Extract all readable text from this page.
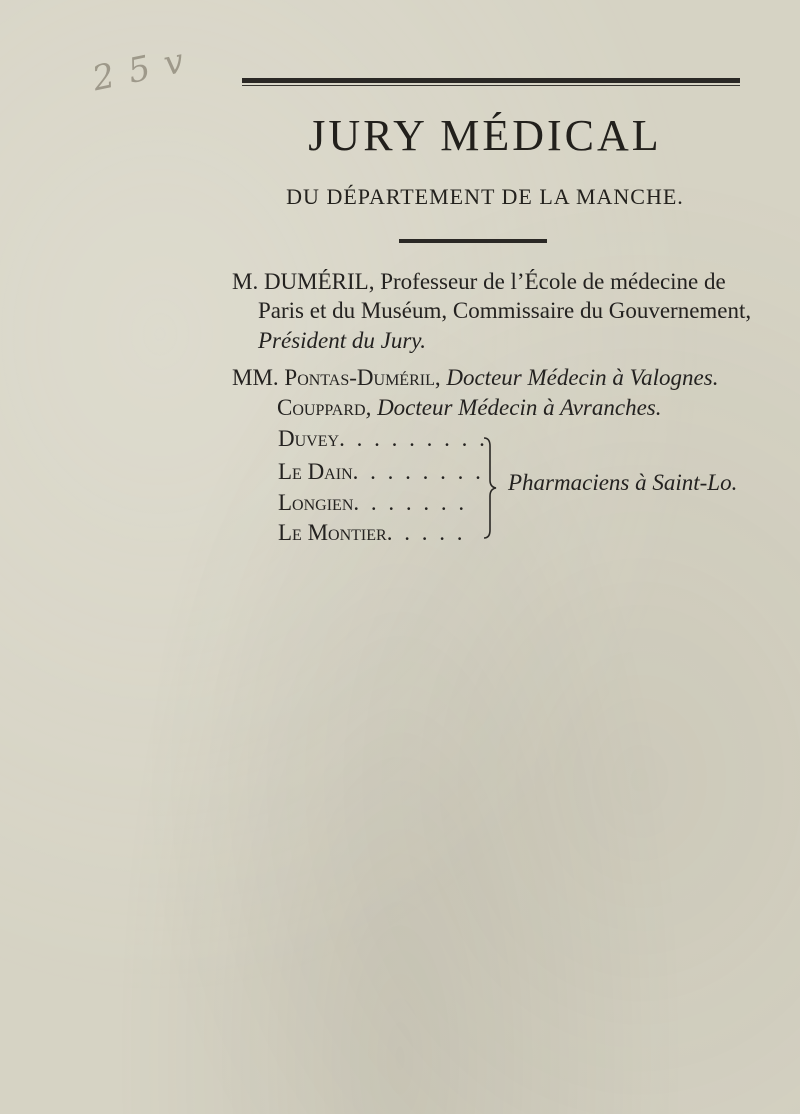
2 5 v
JURY MÉDICAL
DU DÉPARTEMENT DE LA MANCHE.
M. DUMÉRIL, Professeur de l’École de médecine de
Paris et du Muséum, Commissaire du Gouvernement,
Président du Jury.
MM. Pontas-Duméril, Docteur Médecin à Valognes.
Couppard, Docteur Médecin à Avranches.
Duvey. . . . . . . . .
Le Dain. . . . . . . .
Longien. . . . . . .
Le Montier. . . . .
Pharmaciens à Saint-Lo.
